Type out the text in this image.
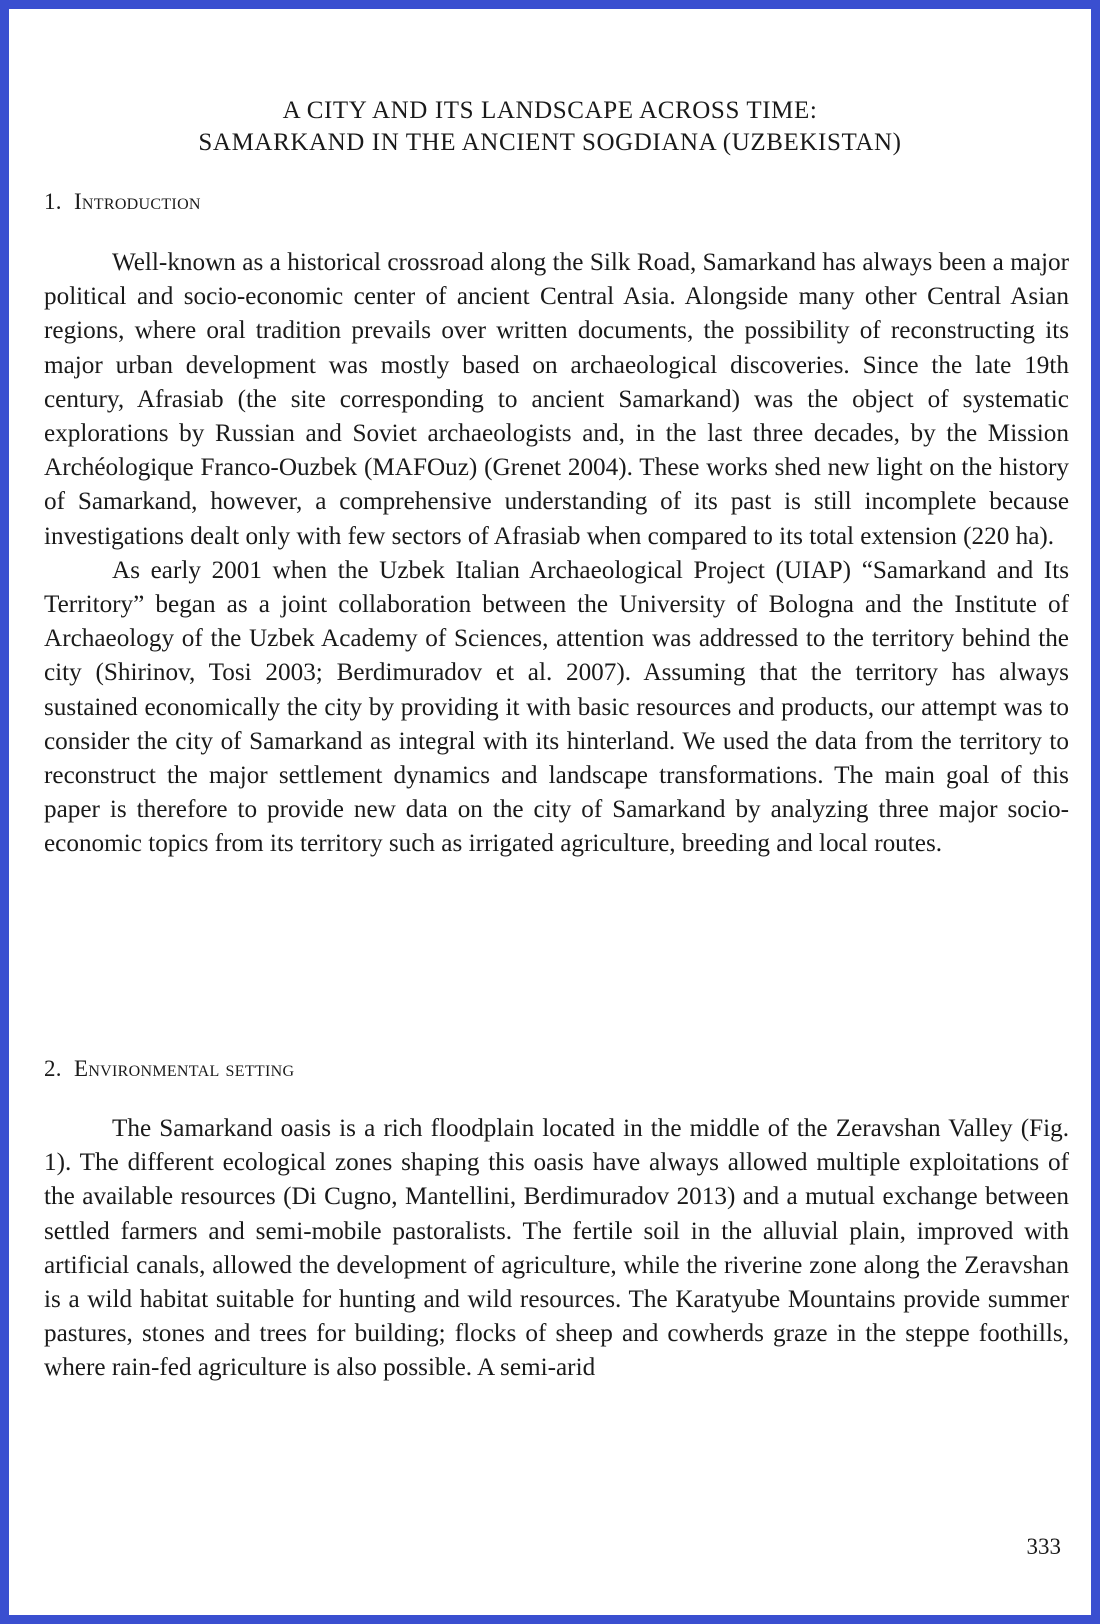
A CITY AND ITS LANDSCAPE ACROSS TIME:
SAMARKAND IN THE ANCIENT SOGDIANA (UZBEKISTAN)
1. Introduction

Well-known as a historical crossroad along the Silk Road, Samarkand has always been a major political and socio-economic center of ancient Central Asia. Alongside many other Central Asian regions, where oral tradition prevails over written documents, the possibility of reconstructing its major urban development was mostly based on archaeological discoveries. Since the late 19th century, Afrasiab (the site corresponding to ancient Samarkand) was the object of systematic explorations by Russian and Soviet archaeologists and, in the last three decades, by the Mission Archéologique Franco-Ouzbek (MAFOuz) (Grenet 2004). These works shed new light on the history of Samarkand, however, a comprehensive understanding of its past is still incomplete because investigations dealt only with few sectors of Afrasiab when compared to its total extension (220 ha).

As early 2001 when the Uzbek Italian Archaeological Project (UIAP) “Samarkand and Its Territory” began as a joint collaboration between the University of Bologna and the Institute of Archaeology of the Uzbek Academy of Sciences, attention was addressed to the territory behind the city (Shirinov, Tosi 2003; Berdimuradov et al. 2007). Assuming that the territory has always sustained economically the city by providing it with basic resources and products, our attempt was to consider the city of Samarkand as integral with its hinterland. We used the data from the territory to reconstruct the major settlement dynamics and landscape transformations. The main goal of this paper is therefore to provide new data on the city of Samarkand by analyzing three major socio-economic topics from its territory such as irrigated agriculture, breeding and local routes.

2. Environmental setting

The Samarkand oasis is a rich floodplain located in the middle of the Zeravshan Valley (Fig. 1). The different ecological zones shaping this oasis have always allowed multiple exploitations of the available resources (Di Cugno, Mantellini, Berdimuradov 2013) and a mutual exchange between settled farmers and semi-mobile pastoralists. The fertile soil in the alluvial plain, improved with artificial canals, allowed the development of agriculture, while the riverine zone along the Zeravshan is a wild habitat suitable for hunting and wild resources. The Karatyube Mountains provide summer pastures, stones and trees for building; flocks of sheep and cowherds graze in the steppe foothills, where rain-fed agriculture is also possible. A semi-arid

333
